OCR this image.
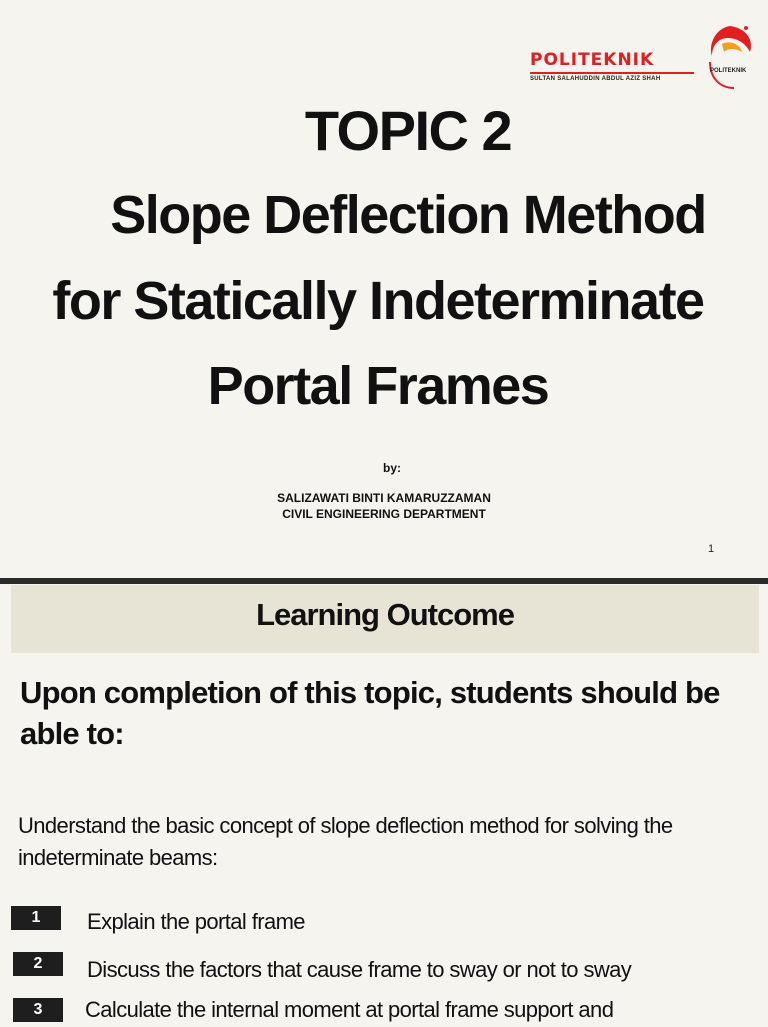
POLITEKNIK
SULTAN SALAHUDDIN ABDUL AZIZ SHAH
POLITEKNIK
TOPIC 2
Slope Deflection Method
for Statically Indeterminate
Portal Frames
by:
SALIZAWATI BINTI KAMARUZZAMAN
CIVIL ENGINEERING DEPARTMENT
1
Learning Outcome
Upon completion of this topic, students should be able to:
Understand the basic concept of slope deflection method for solving the indeterminate beams:
1	Explain the portal frame
2	Discuss the factors that cause frame to sway or not to sway
3	Calculate the internal moment at portal frame support and
